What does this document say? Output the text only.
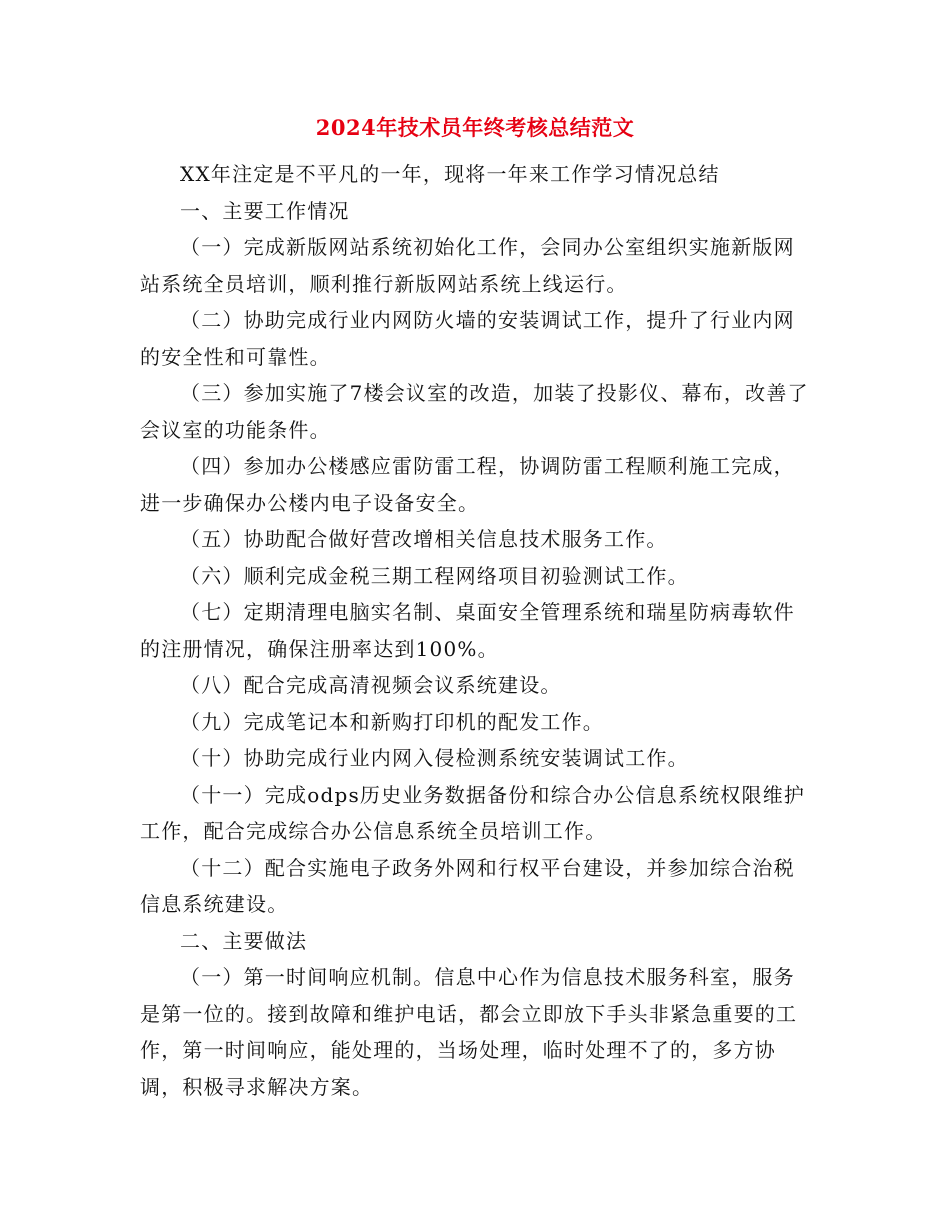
2024年技术员年终考核总结范文

XX年注定是不平凡的一年，现将一年来工作学习情况总结

一、主要工作情况

（一）完成新版网站系统初始化工作，会同办公室组织实施新版网站系统全员培训，顺利推行新版网站系统上线运行。

（二）协助完成行业内网防火墙的安装调试工作，提升了行业内网的安全性和可靠性。

（三）参加实施了7楼会议室的改造，加装了投影仪、幕布，改善了会议室的功能条件。

（四）参加办公楼感应雷防雷工程，协调防雷工程顺利施工完成，进一步确保办公楼内电子设备安全。

（五）协助配合做好营改增相关信息技术服务工作。

（六）顺利完成金税三期工程网络项目初验测试工作。

（七）定期清理电脑实名制、桌面安全管理系统和瑞星防病毒软件的注册情况，确保注册率达到100%。

（八）配合完成高清视频会议系统建设。

（九）完成笔记本和新购打印机的配发工作。

（十）协助完成行业内网入侵检测系统安装调试工作。

（十一）完成odps历史业务数据备份和综合办公信息系统权限维护工作，配合完成综合办公信息系统全员培训工作。

（十二）配合实施电子政务外网和行权平台建设，并参加综合治税信息系统建设。

二、主要做法

（一）第一时间响应机制。信息中心作为信息技术服务科室，服务是第一位的。接到故障和维护电话，都会立即放下手头非紧急重要的工作，第一时间响应，能处理的，当场处理，临时处理不了的，多方协调，积极寻求解决方案。
